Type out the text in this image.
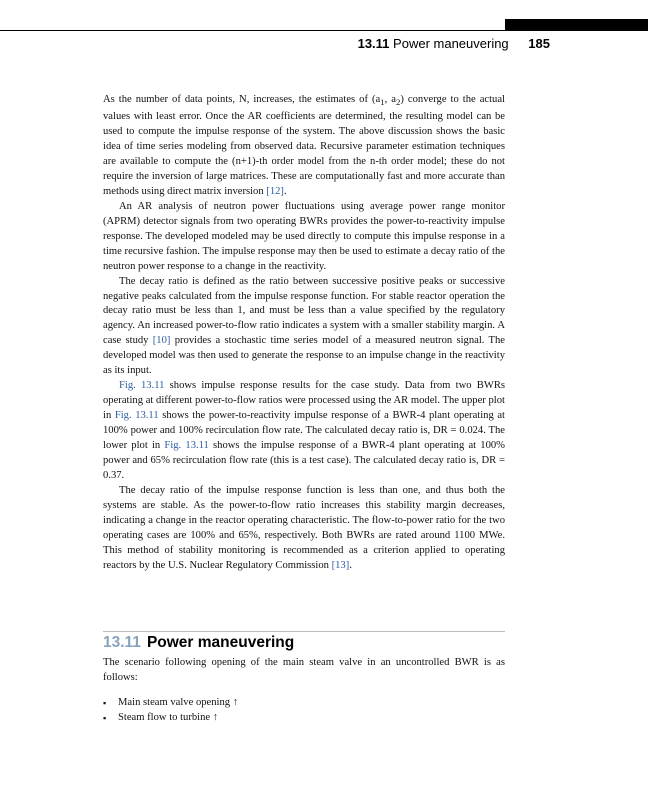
13.11 Power maneuvering 185

As the number of data points, N, increases, the estimates of ($a_1$, $a_2$) converge to the actual values with least error. Once the AR coefficients are determined, the resulting model can be used to compute the impulse response of the system. The above discussion shows the basic idea of time series modeling from observed data. Recursive parameter estimation techniques are available to compute the (n+1)-th order model from the n-th order model; these do not require the inversion of large matrices. These are computationally fast and more accurate than methods using direct matrix inversion [12].

An AR analysis of neutron power fluctuations using average power range monitor (APRM) detector signals from two operating BWRs provides the power-to-reactivity impulse response. The developed modeled may be used directly to compute this impulse response in a time recursive fashion. The impulse response may then be used to estimate a decay ratio of the neutron power response to a change in the reactivity.

The decay ratio is defined as the ratio between successive positive peaks or successive negative peaks calculated from the impulse response function. For stable reactor operation the decay ratio must be less than 1, and must be less than a value specified by the regulatory agency. An increased power-to-flow ratio indicates a system with a smaller stability margin. A case study [10] provides a stochastic time series model of a measured neutron signal. The developed model was then used to generate the response to an impulse change in the reactivity as its input.

Fig. 13.11 shows impulse response results for the case study. Data from two BWRs operating at different power-to-flow ratios were processed using the AR model. The upper plot in Fig. 13.11 shows the power-to-reactivity impulse response of a BWR-4 plant operating at 100% power and 100% recirculation flow rate. The calculated decay ratio is, DR = 0.024. The lower plot in Fig. 13.11 shows the impulse response of a BWR-4 plant operating at 100% power and 65% recirculation flow rate (this is a test case). The calculated decay ratio is, DR = 0.37.

The decay ratio of the impulse response function is less than one, and thus both the systems are stable. As the power-to-flow ratio increases this stability margin decreases, indicating a change in the reactor operating characteristic. The flow-to-power ratio for the two operating cases are 100% and 65%, respectively. Both BWRs are rated around 1100 MWe. This method of stability monitoring is recommended as a criterion applied to operating reactors by the U.S. Nuclear Regulatory Commission [13].

13.11 Power maneuvering

The scenario following opening of the main steam valve in an uncontrolled BWR is as follows:

▪ Main steam valve opening ↑
▪ Steam flow to turbine ↑
